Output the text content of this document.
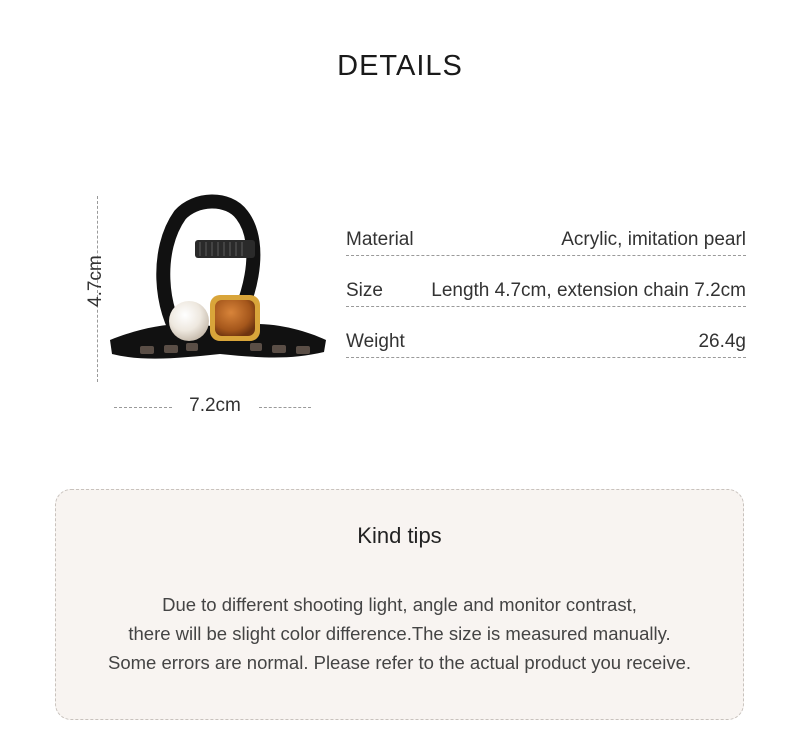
DETAILS
4.7cm
7.2cm
Material	Acrylic, imitation pearl
Size	Length 4.7cm, extension chain 7.2cm
Weight	26.4g
Kind tips
Due to different shooting light, angle and monitor contrast,
there will be slight color difference.The size is measured manually.
Some errors are normal. Please refer to the actual product you receive.
